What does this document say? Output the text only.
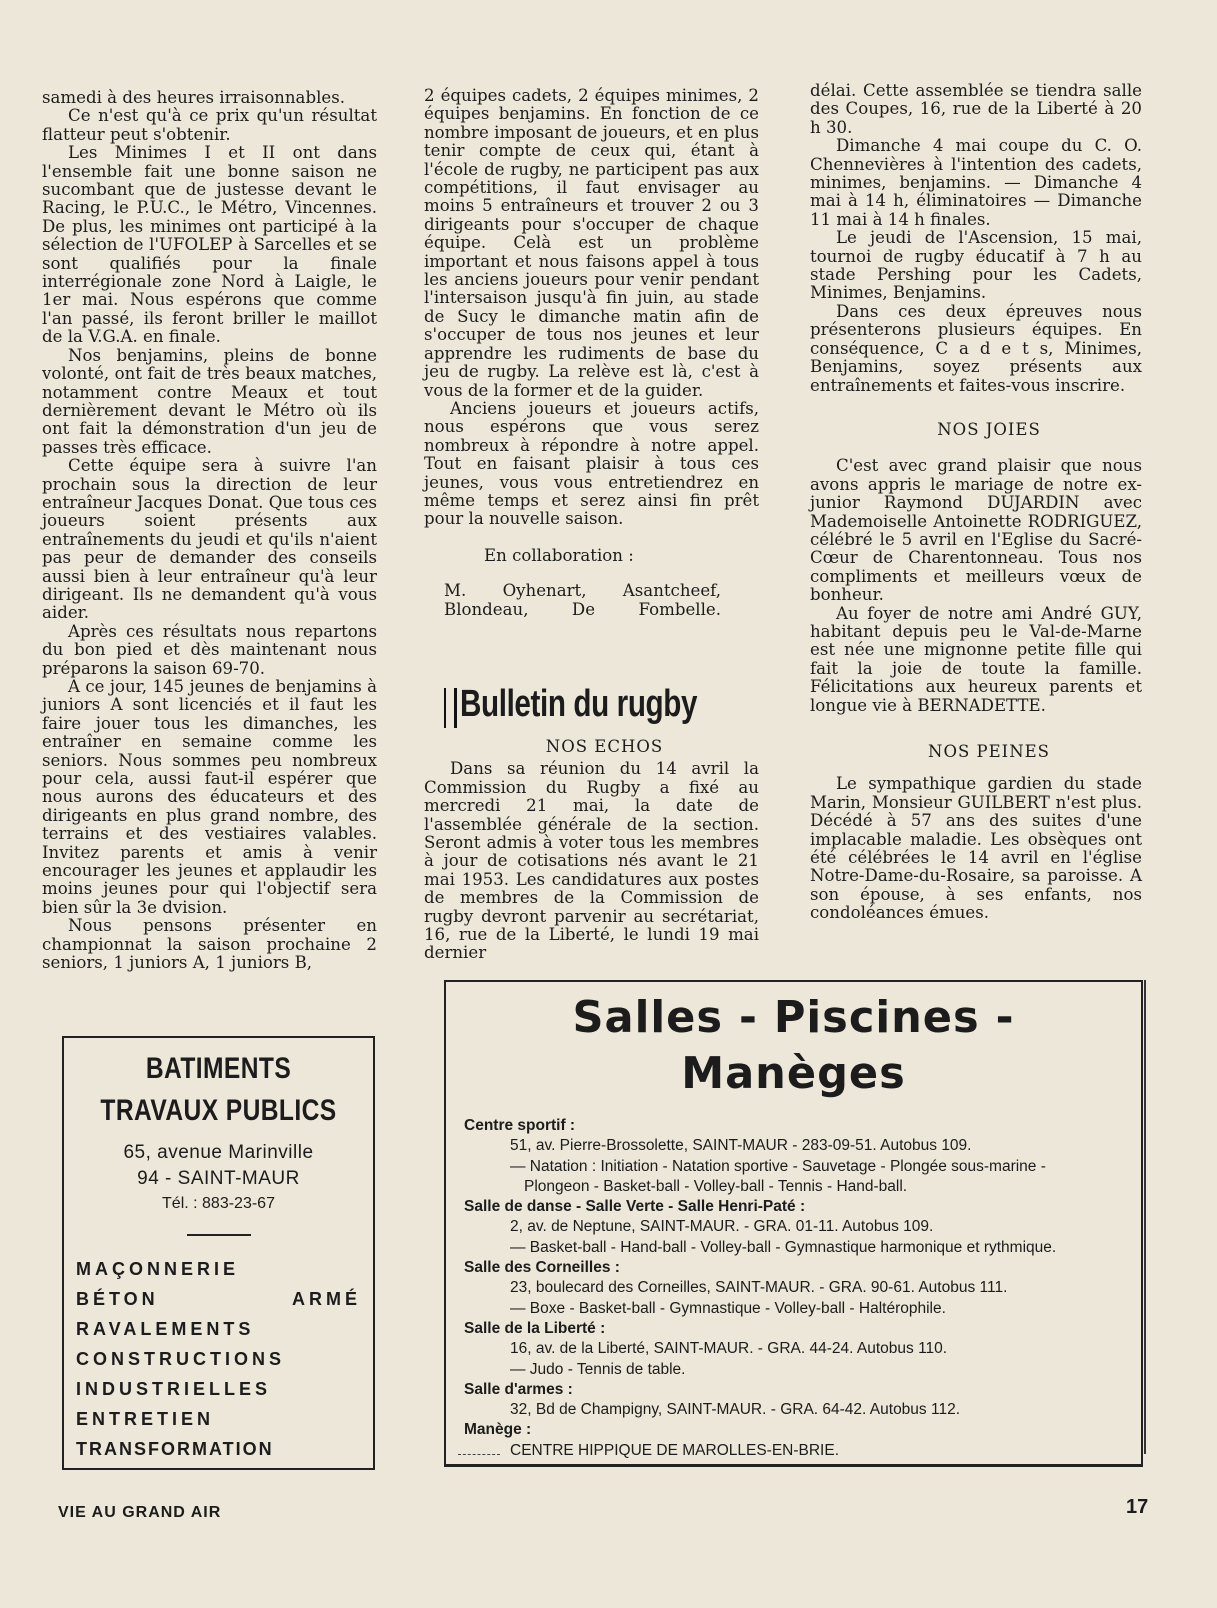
samedi à des heures irraisonnables.

Ce n'est qu'à ce prix qu'un résultat flatteur peut s'obtenir.

Les Minimes I et II ont dans l'ensemble fait une bonne saison ne sucombant que de justesse devant le Racing, le P.U.C., le Métro, Vincennes. De plus, les minimes ont participé à la sélection de l'UFOLEP à Sarcelles et se sont qualifiés pour la finale interrégionale zone Nord à Laigle, le 1er mai. Nous espérons que comme l'an passé, ils feront briller le maillot de la V.G.A. en finale.

Nos benjamins, pleins de bonne volonté, ont fait de très beaux matches, notamment contre Meaux et tout dernièrement devant le Métro où ils ont fait la démonstration d'un jeu de passes très efficace.

Cette équipe sera à suivre l'an prochain sous la direction de leur entraîneur Jacques Donat. Que tous ces joueurs soient présents aux entraînements du jeudi et qu'ils n'aient pas peur de demander des conseils aussi bien à leur entraîneur qu'à leur dirigeant. Ils ne demandent qu'à vous aider.

Après ces résultats nous repartons du bon pied et dès maintenant nous préparons la saison 69-70.

A ce jour, 145 jeunes de benjamins à juniors A sont licenciés et il faut les faire jouer tous les dimanches, les entraîner en semaine comme les seniors. Nous sommes peu nombreux pour cela, aussi faut-il espérer que nous aurons des éducateurs et des dirigeants en plus grand nombre, des terrains et des vestiaires valables. Invitez parents et amis à venir encourager les jeunes et applaudir les moins jeunes pour qui l'objectif sera bien sûr la 3e dvision.

Nous pensons présenter en championnat la saison prochaine 2 seniors, 1 juniors A, 1 juniors B,

2 équipes cadets, 2 équipes minimes, 2 équipes benjamins. En fonction de ce nombre imposant de joueurs, et en plus tenir compte de ceux qui, étant à l'école de rugby, ne participent pas aux compétitions, il faut envisager au moins 5 entraîneurs et trouver 2 ou 3 dirigeants pour s'occuper de chaque équipe. Celà est un problème important et nous faisons appel à tous les anciens joueurs pour venir pendant l'intersaison jusqu'à fin juin, au stade de Sucy le dimanche matin afin de s'occuper de tous nos jeunes et leur apprendre les rudiments de base du jeu de rugby. La relève est là, c'est à vous de la former et de la guider.

Anciens joueurs et joueurs actifs, nous espérons que vous serez nombreux à répondre à notre appel. Tout en faisant plaisir à tous ces jeunes, vous vous entretiendrez en même temps et serez ainsi fin prêt pour la nouvelle saison.

En collaboration :

M. Oyhenart, Asantcheef, Blondeau, De Fombelle.

Bulletin du rugby

NOS ECHOS

Dans sa réunion du 14 avril la Commission du Rugby a fixé au mercredi 21 mai, la date de l'assemblée générale de la section. Seront admis à voter tous les membres à jour de cotisations nés avant le 21 mai 1953. Les candidatures aux postes de membres de la Commission de rugby devront parvenir au secrétariat, 16, rue de la Liberté, le lundi 19 mai dernier

délai. Cette assemblée se tiendra salle des Coupes, 16, rue de la Liberté à 20 h 30.

Dimanche 4 mai coupe du C. O. Chennevières à l'intention des cadets, minimes, benjamins. — Dimanche 4 mai à 14 h, éliminatoires — Dimanche 11 mai à 14 h finales.

Le jeudi de l'Ascension, 15 mai, tournoi de rugby éducatif à 7 h au stade Pershing pour les Cadets, Minimes, Benjamins.

Dans ces deux épreuves nous présenterons plusieurs équipes. En conséquence, C a d e t s, Minimes, Benjamins, soyez présents aux entraînements et faites-vous inscrire.

NOS JOIES

C'est avec grand plaisir que nous avons appris le mariage de notre ex-junior Raymond DUJARDIN avec Mademoiselle Antoinette RODRIGUEZ, célébré le 5 avril en l'Eglise du Sacré-Cœur de Charentonneau. Tous nos compliments et meilleurs vœux de bonheur.

Au foyer de notre ami André GUY, habitant depuis peu le Val-de-Marne est née une mignonne petite fille qui fait la joie de toute la famille. Félicitations aux heureux parents et longue vie à BERNADETTE.

NOS PEINES

Le sympathique gardien du stade Marin, Monsieur GUILBERT n'est plus. Décédé à 57 ans des suites d'une implacable maladie. Les obsèques ont été célébrées le 14 avril en l'église Notre-Dame-du-Rosaire, sa paroisse. A son épouse, à ses enfants, nos condoléances émues.

BATIMENTS
TRAVAUX PUBLICS
65, avenue Marinville
94 - SAINT-MAUR
Tél. : 883-23-67
MAÇONNERIE
BÉTON ARMÉ
RAVALEMENTS
CONSTRUCTIONS
INDUSTRIELLES
ENTRETIEN
TRANSFORMATION
Salles - Piscines - Manèges
Centre sportif :
51, av. Pierre-Brossolette, SAINT-MAUR - 283-09-51. Autobus 109.
— Natation : Initiation - Natation sportive - Sauvetage - Plongée sous-marine - Plongeon - Basket-ball - Volley-ball - Tennis - Hand-ball.
Salle de danse - Salle Verte - Salle Henri-Paté :
2, av. de Neptune, SAINT-MAUR. - GRA. 01-11. Autobus 109.
— Basket-ball - Hand-ball - Volley-ball - Gymnastique harmonique et rythmique.
Salle des Corneilles :
23, boulecard des Corneilles, SAINT-MAUR. - GRA. 90-61. Autobus 111.
— Boxe - Basket-ball - Gymnastique - Volley-ball - Haltérophile.
Salle de la Liberté :
16, av. de la Liberté, SAINT-MAUR. - GRA. 44-24. Autobus 110.
— Judo - Tennis de table.
Salle d'armes :
32, Bd de Champigny, SAINT-MAUR. - GRA. 64-42. Autobus 112.
Manège :
CENTRE HIPPIQUE DE MAROLLES-EN-BRIE.
VIE AU GRAND AIR	17
